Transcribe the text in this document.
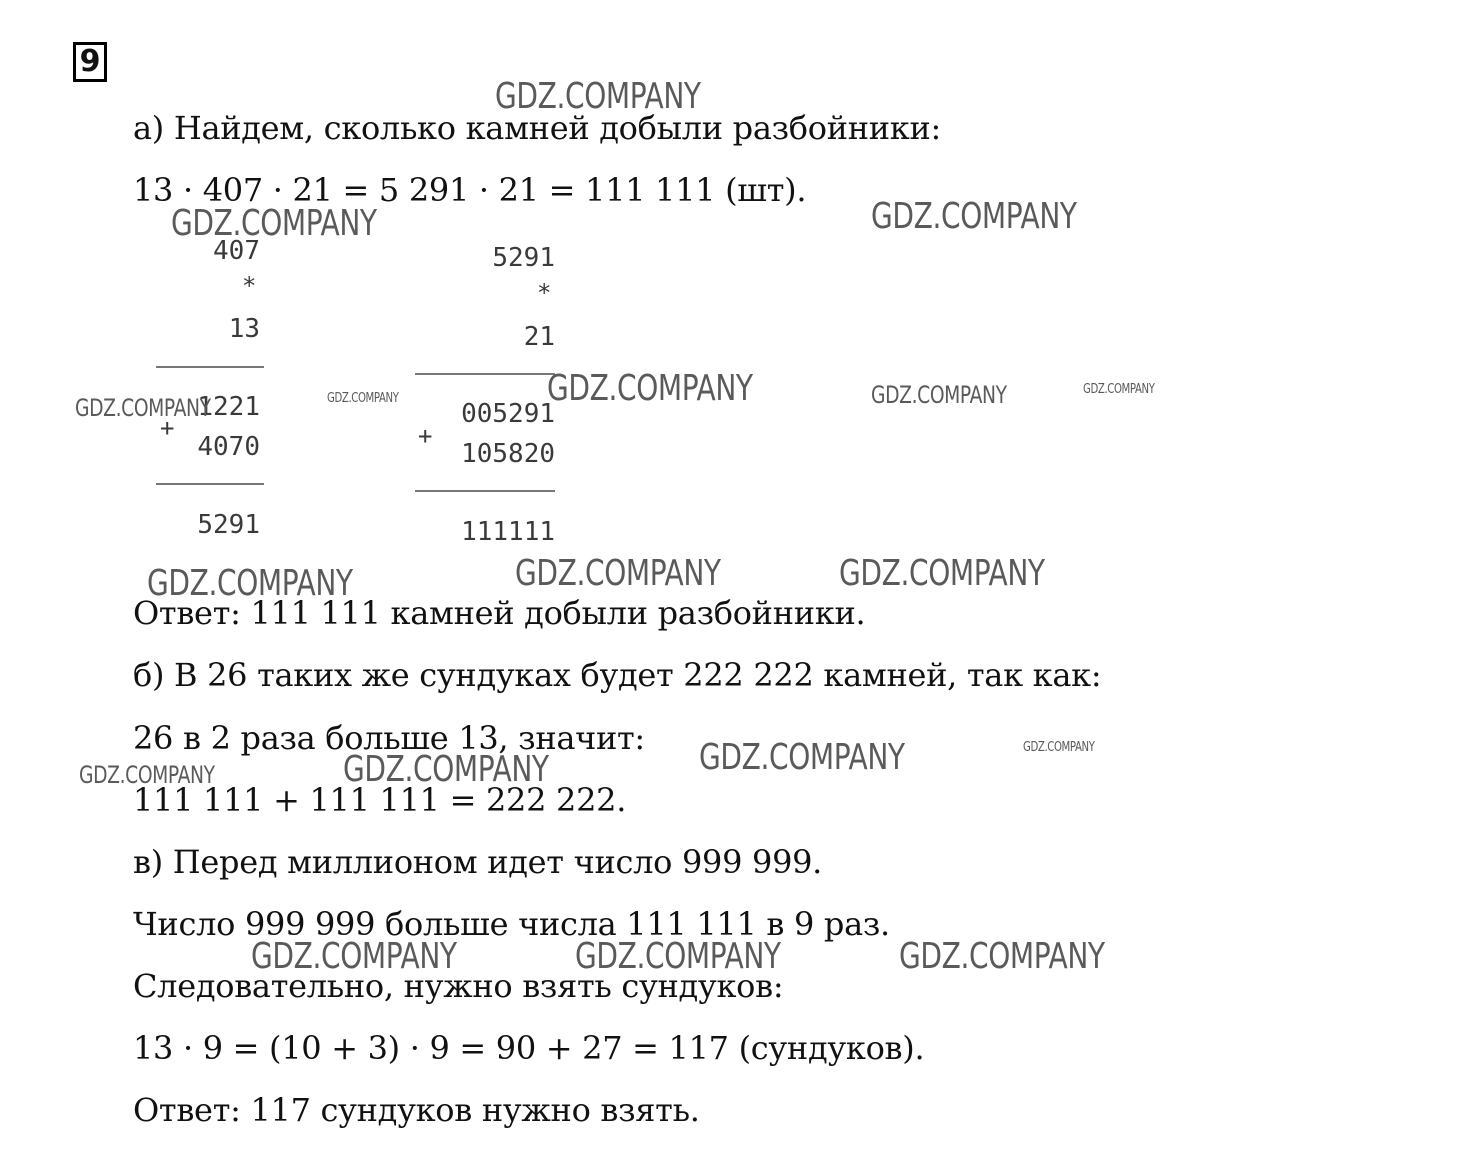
9
а) Найдем, сколько камней добыли разбойники:
13 · 407 · 21 = 5 291 · 21 = 111 111 (шт).
Ответ: 111 111 камней добыли разбойники.
б) В 26 таких же сундуках будет 222 222 камней, так как:
26 в 2 раза больше 13, значит:
111 111 + 111 111 = 222 222.
в) Перед миллионом идет число 999 999.
Число 999 999 больше числа 111 111 в 9 раз.
Следовательно, нужно взять сундуков:
13 · 9 = (10 + 3) · 9 = 90 + 27 = 117 (сундуков).
Ответ: 117 сундуков нужно взять.
407
*
13
1221
+
4070
5291
5291
*
21
005291
+
105820
111111
GDZ.COMPANY
GDZ.COMPANY	GDZ.COMPANY
GDZ.COMPANY
GDZ.COMPANY	GDZ.COMPANY	GDZ.COMPANY	GDZ.COMPANY
GDZ.COMPANY	GDZ.COMPANY	GDZ.COMPANY
GDZ.COMPANY
GDZ.COMPANY
GDZ.COMPANY
GDZ.COMPANY
GDZ.COMPANY	GDZ.COMPANY	GDZ.COMPANY
